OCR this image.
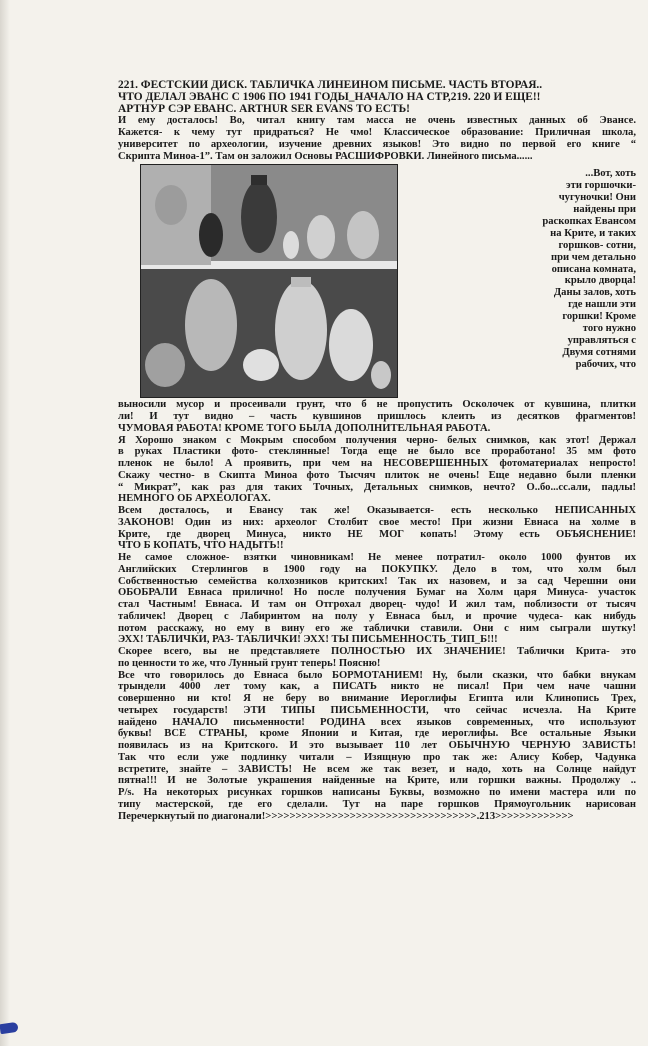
221. ФЕСТСКИЙ ДИСК. ТАБЛИЧКА ЛИНЕЙНОМ ПИСЬМЕ. ЧАСТЬ ВТОРАЯ..
ЧТО ДЕЛАЛ ЭВАНС С 1906 ПО 1941 ГОДЫ_НАЧАЛО НА СТР,219. 220 И ЕЩЕ!!
АРТНУР СЭР ЕВАНС. ARTHUR SER EVANS ТО ЕСТЬ!
И ему досталось! Во, читал книгу там масса не очень известных данных об Эвансе.
Кажется- к чему тут придраться? Не чмо! Классическое образование: Приличная школа,
университет по археологии, изучение древних языков! Это видно по первой его книге “
Скрипта Миноа-1”. Там он заложил Основы РАСШИФРОВКИ. Линейного письма......
...Вот, хоть
эти горшочки-
чугуночки! Они
найдены при
раскопках Евансом
на Крите, и таких
горшков- сотни,
при чем детально
описана комната,
крыло дворца!
Даны залов, хоть
где нашли эти
горшки! Кроме
того нужно
управляться с
Двумя сотнями
рабочих, что
выносили мусор и просеивали грунт, что б не пропустить Осколочек от кувшина, плитки
ли! И тут видно – часть кувшинов пришлось клеить из десятков фрагментов!
ЧУМОВАЯ РАБОТА! КРОМЕ ТОГО БЫЛА ДОПОЛНИТЕЛЬНАЯ РАБОТА.
Я Хорошо знаком с Мокрым способом получения черно- белых снимков, как этот! Держал
в руках Пластики фото- стеклянные! Тогда еще не было все проработано! 35 мм фото
пленок не было! А проявить, при чем на НЕСОВЕРШЕННЫХ фотоматериалах непросто!
Скажу честно- в Скипта Миноа фото Тысчяч плиток не очень! Еще недавно были пленки
“ Микрат”, как раз для таких Точных, Детальных снимков, нечто? О..бо...сс.али, падлы!
НЕМНОГО ОБ АРХЕОЛОГАХ.
Всем досталось, и Евансу так же! Оказывается- есть несколько НЕПИСАННЫХ
ЗАКОНОВ! Один из них: археолог Столбит свое место! При жизни Евнаса на холме в
Крите, где дворец Минуса, никто НЕ МОГ копать! Этому есть ОБЪЯСНЕНИЕ!
ЧТО Б КОПАТЬ, ЧТО НАДЫТЬ!!
Не самое сложное- взятки чиновникам! Не менее потратил- около 1000 фунтов их
Английских Стерлингов в 1900 году на ПОКУПКУ. Дело в том, что холм был
Собственностью семейства колхозников критских! Так их назовем, и за сад Черешни они
ОБОБРАЛИ Евнаса прилично! Но после получения Бумаг на Холм царя Минуса- участок
стал Частным! Евнаса. И там он Отгрохал дворец- чудо! И жил там, поблизости от тысяч
табличек! Дворец с Лабиринтом на полу у Евнаса был, и прочие чудеса- как нибудь
потом расскажу, но ему в вину его же таблички ставили. Они с ним сыграли шутку!
ЭХХ! ТАБЛИЧКИ, РАЗ- ТАБЛИЧКИ! ЭХХ! ТЫ ПИСЬМЕННОСТЬ_ТИП_Б!!!
Скорее всего, вы не представляете ПОЛНОСТЬЮ ИХ ЗНАЧЕНИЕ! Таблички Крита- это
по ценности то же, что Лунный грунт теперь! Поясню!
Все что говорилось до Евнаса было БОРМОТАНИЕМ! Ну, были сказки, что бабки внукам
трындели 4000 лет тому как, а ПИСАТЬ никто не писал! При чем наче чашни
совершенно ни кто! Я не беру во внимание Иероглифы Египта или Клинопись Трех,
четырех государств! ЭТИ ТИПЫ ПИСЬМЕННОСТИ, что сейчас исчезла. На Крите
найдено НАЧАЛО письменности! РОДИНА всех языков современных, что используют
буквы! ВСЕ СТРАНЫ, кроме Японии и Китая, где иероглифы. Все остальные Языки
появилась из на Критского. И это вызывает 110 лет ОБЫЧНУЮ ЧЕРНУЮ ЗАВИСТЬ!
Так что если уже подлинку читали – Изящную про так же: Алису Кобер, Чадунка
встретите, знайте – ЗАВИСТЬ! Не всем же так везет, и надо, хоть на Солнце найдут
пятна!!! И не Золотые украшения найденные на Крите, или горшки важны. Продолжу ..
P/s. На некоторых рисунках горшков написаны Буквы, возможно по имени мастера или по
типу мастерской, где его сделали. Тут на паре горшков Прямоугольник нарисован
Перечеркнутый по диагонали!>>>>>>>>>>>>>>>>>>>>>>>>>>>>>>>>>>>.213>>>>>>>>>>>>>
